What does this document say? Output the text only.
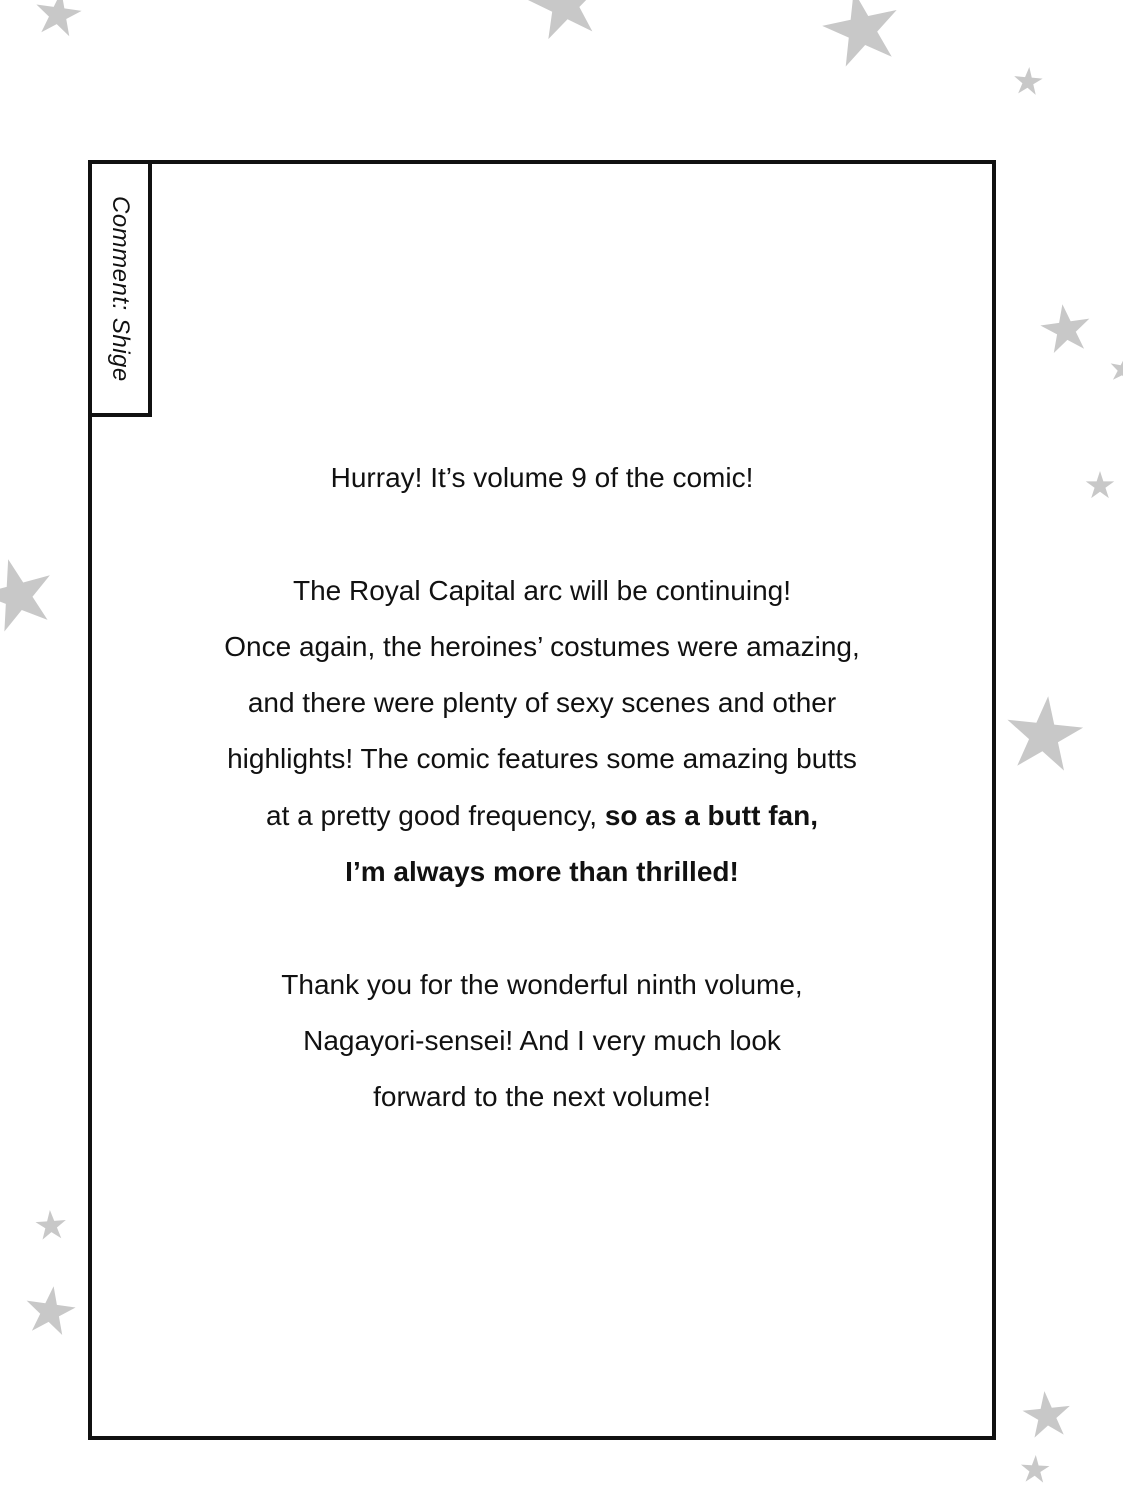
Comment: Shige
Hurray! It’s volume 9 of the comic!
The Royal Capital arc will be continuing!
Once again, the heroines’ costumes were amazing,
and there were plenty of sexy scenes and other
highlights! The comic features some amazing butts
at a pretty good frequency, so as a butt fan,
I’m always more than thrilled!
Thank you for the wonderful ninth volume,
Nagayori-sensei! And I very much look
forward to the next volume!
